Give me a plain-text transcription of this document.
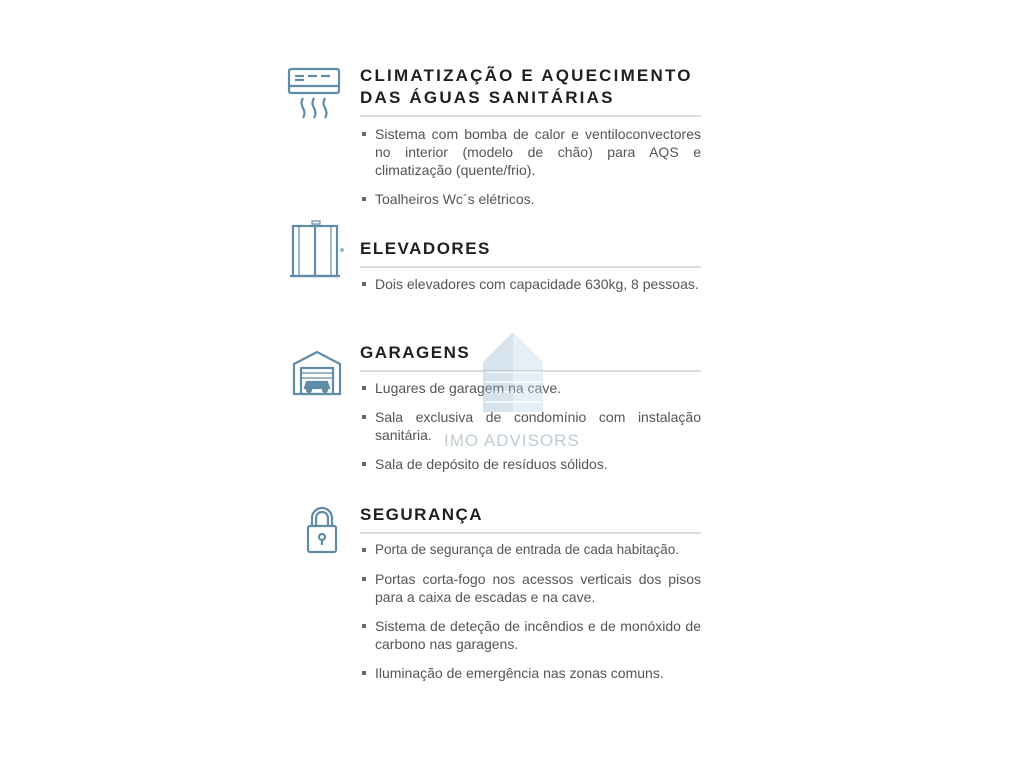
CLIMATIZAÇÃO E AQUECIMENTO
DAS ÁGUAS SANITÁRIAS
Sistema com bomba de calor e ventiloconvectores no interior (modelo de chão) para AQS e climatização (quente/frio).
Toalheiros Wc´s elétricos.
ELEVADORES
Dois elevadores com capacidade 630kg, 8 pessoas.
GARAGENS
Lugares de garagem na cave.
Sala exclusiva de condomínio com instalação sanitária.
Sala de depósito de resíduos sólidos.
SEGURANÇA
Porta de segurança de entrada de cada habitação.
Portas corta-fogo nos acessos verticais dos pisos para a caixa de escadas e na cave.
Sistema de deteção de incêndios e de monóxido de carbono nas garagens.
Iluminação de emergência nas zonas comuns.
IMO ADVISORS
